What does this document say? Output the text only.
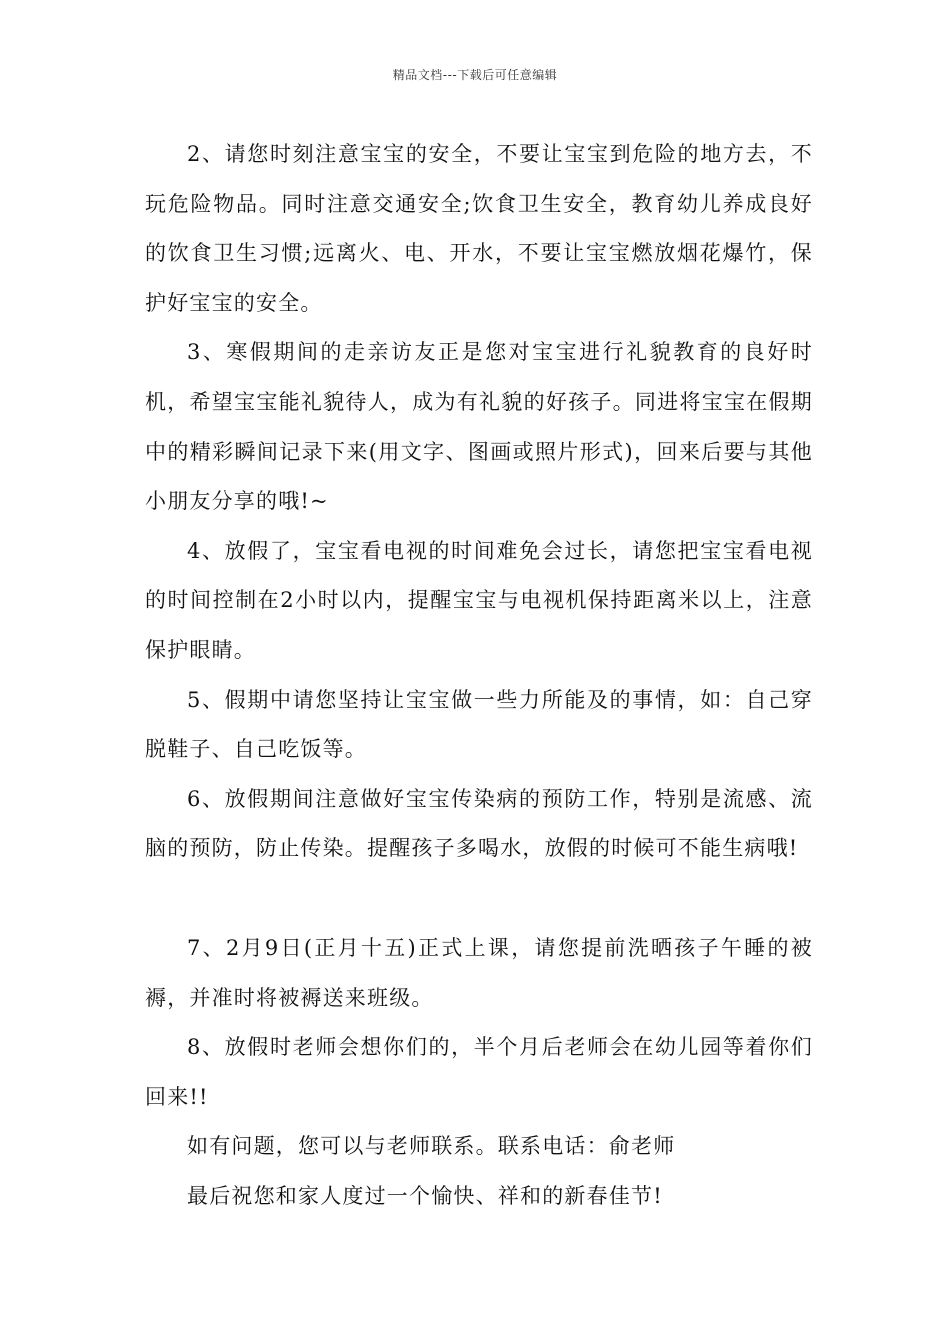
精品文档---下载后可任意编辑

2、请您时刻注意宝宝的安全，不要让宝宝到危险的地方去，不玩危险物品。同时注意交通安全;饮食卫生安全，教育幼儿养成良好的饮食卫生习惯;远离火、电、开水，不要让宝宝燃放烟花爆竹，保护好宝宝的安全。

3、寒假期间的走亲访友正是您对宝宝进行礼貌教育的良好时机，希望宝宝能礼貌待人，成为有礼貌的好孩子。同进将宝宝在假期中的精彩瞬间记录下来(用文字、图画或照片形式)，回来后要与其他小朋友分享的哦!~

4、放假了，宝宝看电视的时间难免会过长，请您把宝宝看电视的时间控制在2小时以内，提醒宝宝与电视机保持距离米以上，注意保护眼睛。

5、假期中请您坚持让宝宝做一些力所能及的事情，如：自己穿脱鞋子、自己吃饭等。

6、放假期间注意做好宝宝传染病的预防工作，特别是流感、流脑的预防，防止传染。提醒孩子多喝水，放假的时候可不能生病哦!

7、2月9日(正月十五)正式上课，请您提前洗晒孩子午睡的被褥，并准时将被褥送来班级。

8、放假时老师会想你们的，半个月后老师会在幼儿园等着你们回来!!

如有问题，您可以与老师联系。联系电话：俞老师

最后祝您和家人度过一个愉快、祥和的新春佳节!
